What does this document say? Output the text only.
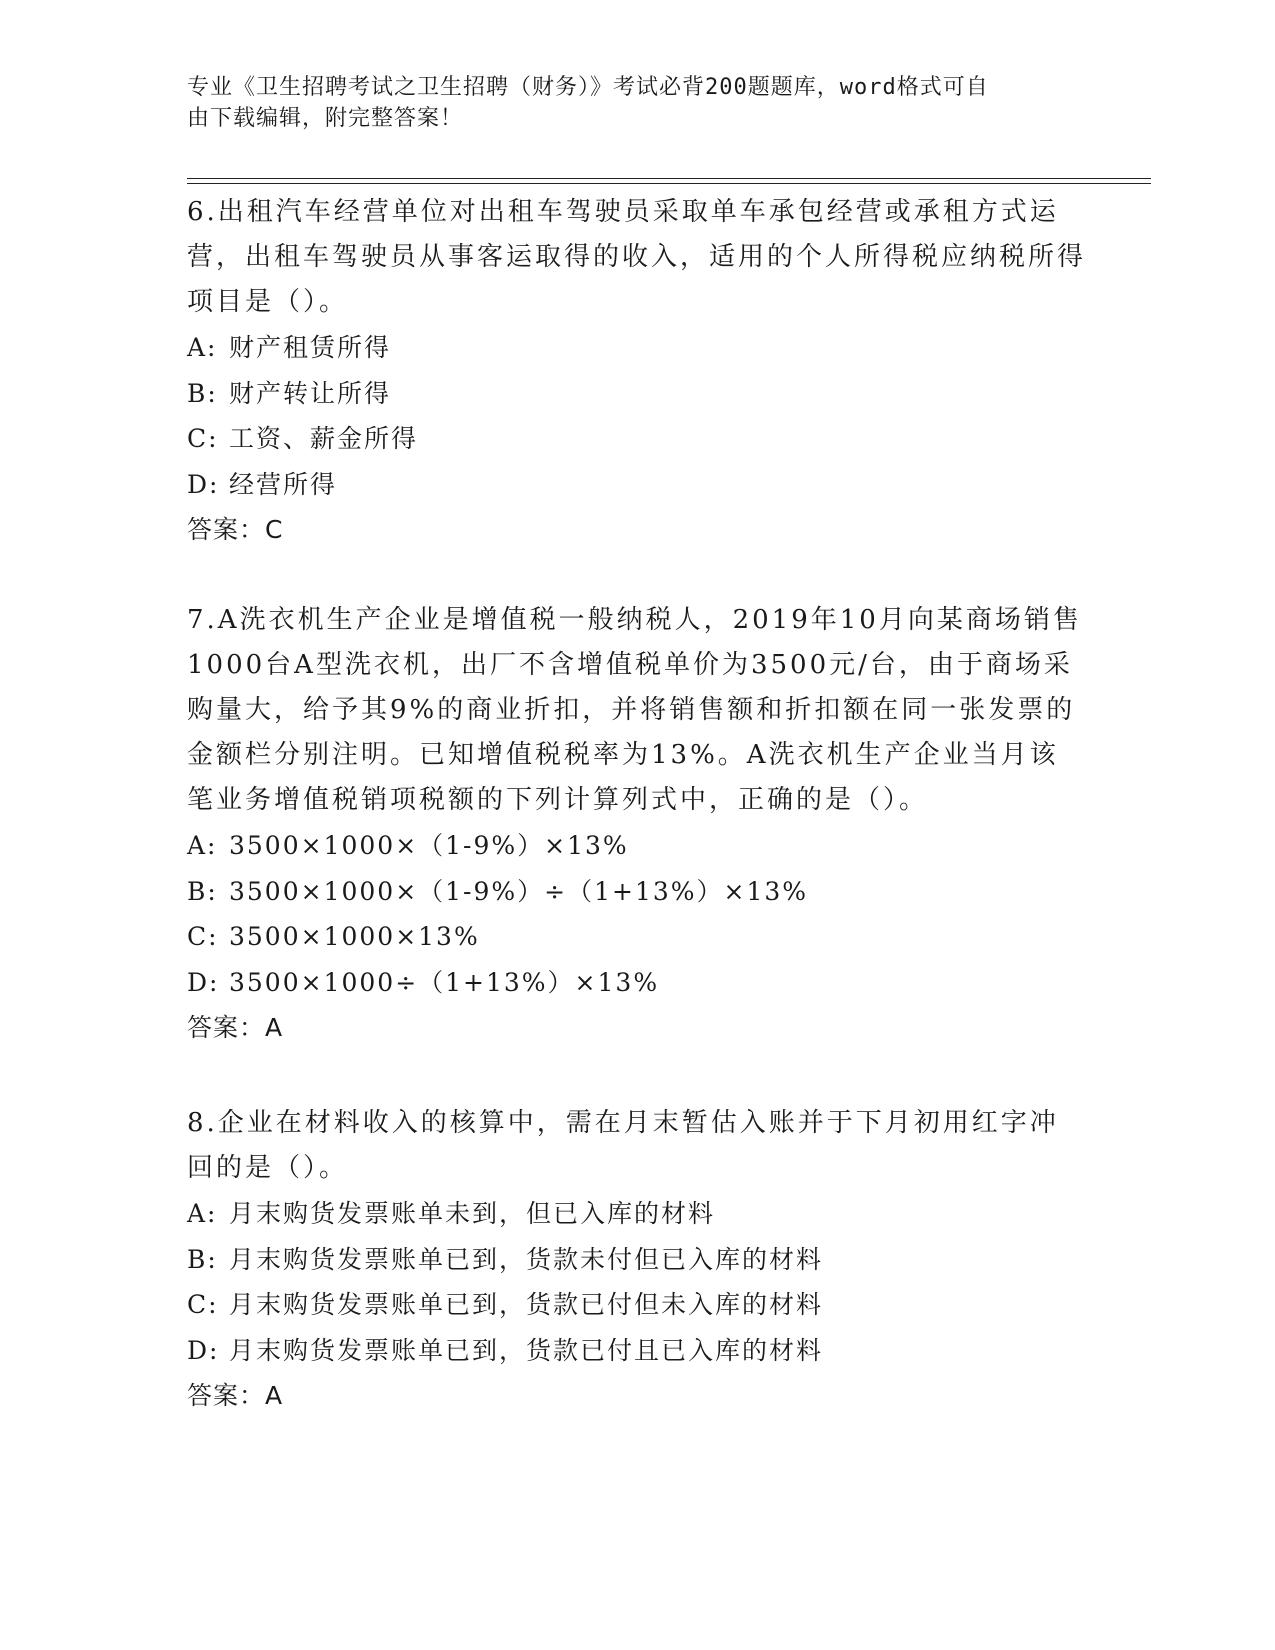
专业《卫生招聘考试之卫生招聘（财务）》考试必背200题题库，word格式可自
由下载编辑，附完整答案！

6.出租汽车经营单位对出租车驾驶员采取单车承包经营或承租方式运营，出租车驾驶员从事客运取得的收入，适用的个人所得税应纳税所得项目是（）。

A: 财产租赁所得
B: 财产转让所得
C: 工资、薪金所得
D: 经营所得
答案：C

7.A洗衣机生产企业是增值税一般纳税人，2019年10月向某商场销售1000台A型洗衣机，出厂不含增值税单价为3500元/台，由于商场采购量大，给予其9%的商业折扣，并将销售额和折扣额在同一张发票的金额栏分别注明。已知增值税税率为13%。A洗衣机生产企业当月该笔业务增值税销项税额的下列计算列式中，正确的是（）。

A: 3500×1000×（1-9%）×13%
B: 3500×1000×（1-9%）÷（1+13%）×13%
C: 3500×1000×13%
D: 3500×1000÷（1+13%）×13%
答案：A

8.企业在材料收入的核算中，需在月末暂估入账并于下月初用红字冲回的是（）。

A: 月末购货发票账单未到，但已入库的材料
B: 月末购货发票账单已到，货款未付但已入库的材料
C: 月末购货发票账单已到，货款已付但未入库的材料
D: 月末购货发票账单已到，货款已付且已入库的材料
答案：A
